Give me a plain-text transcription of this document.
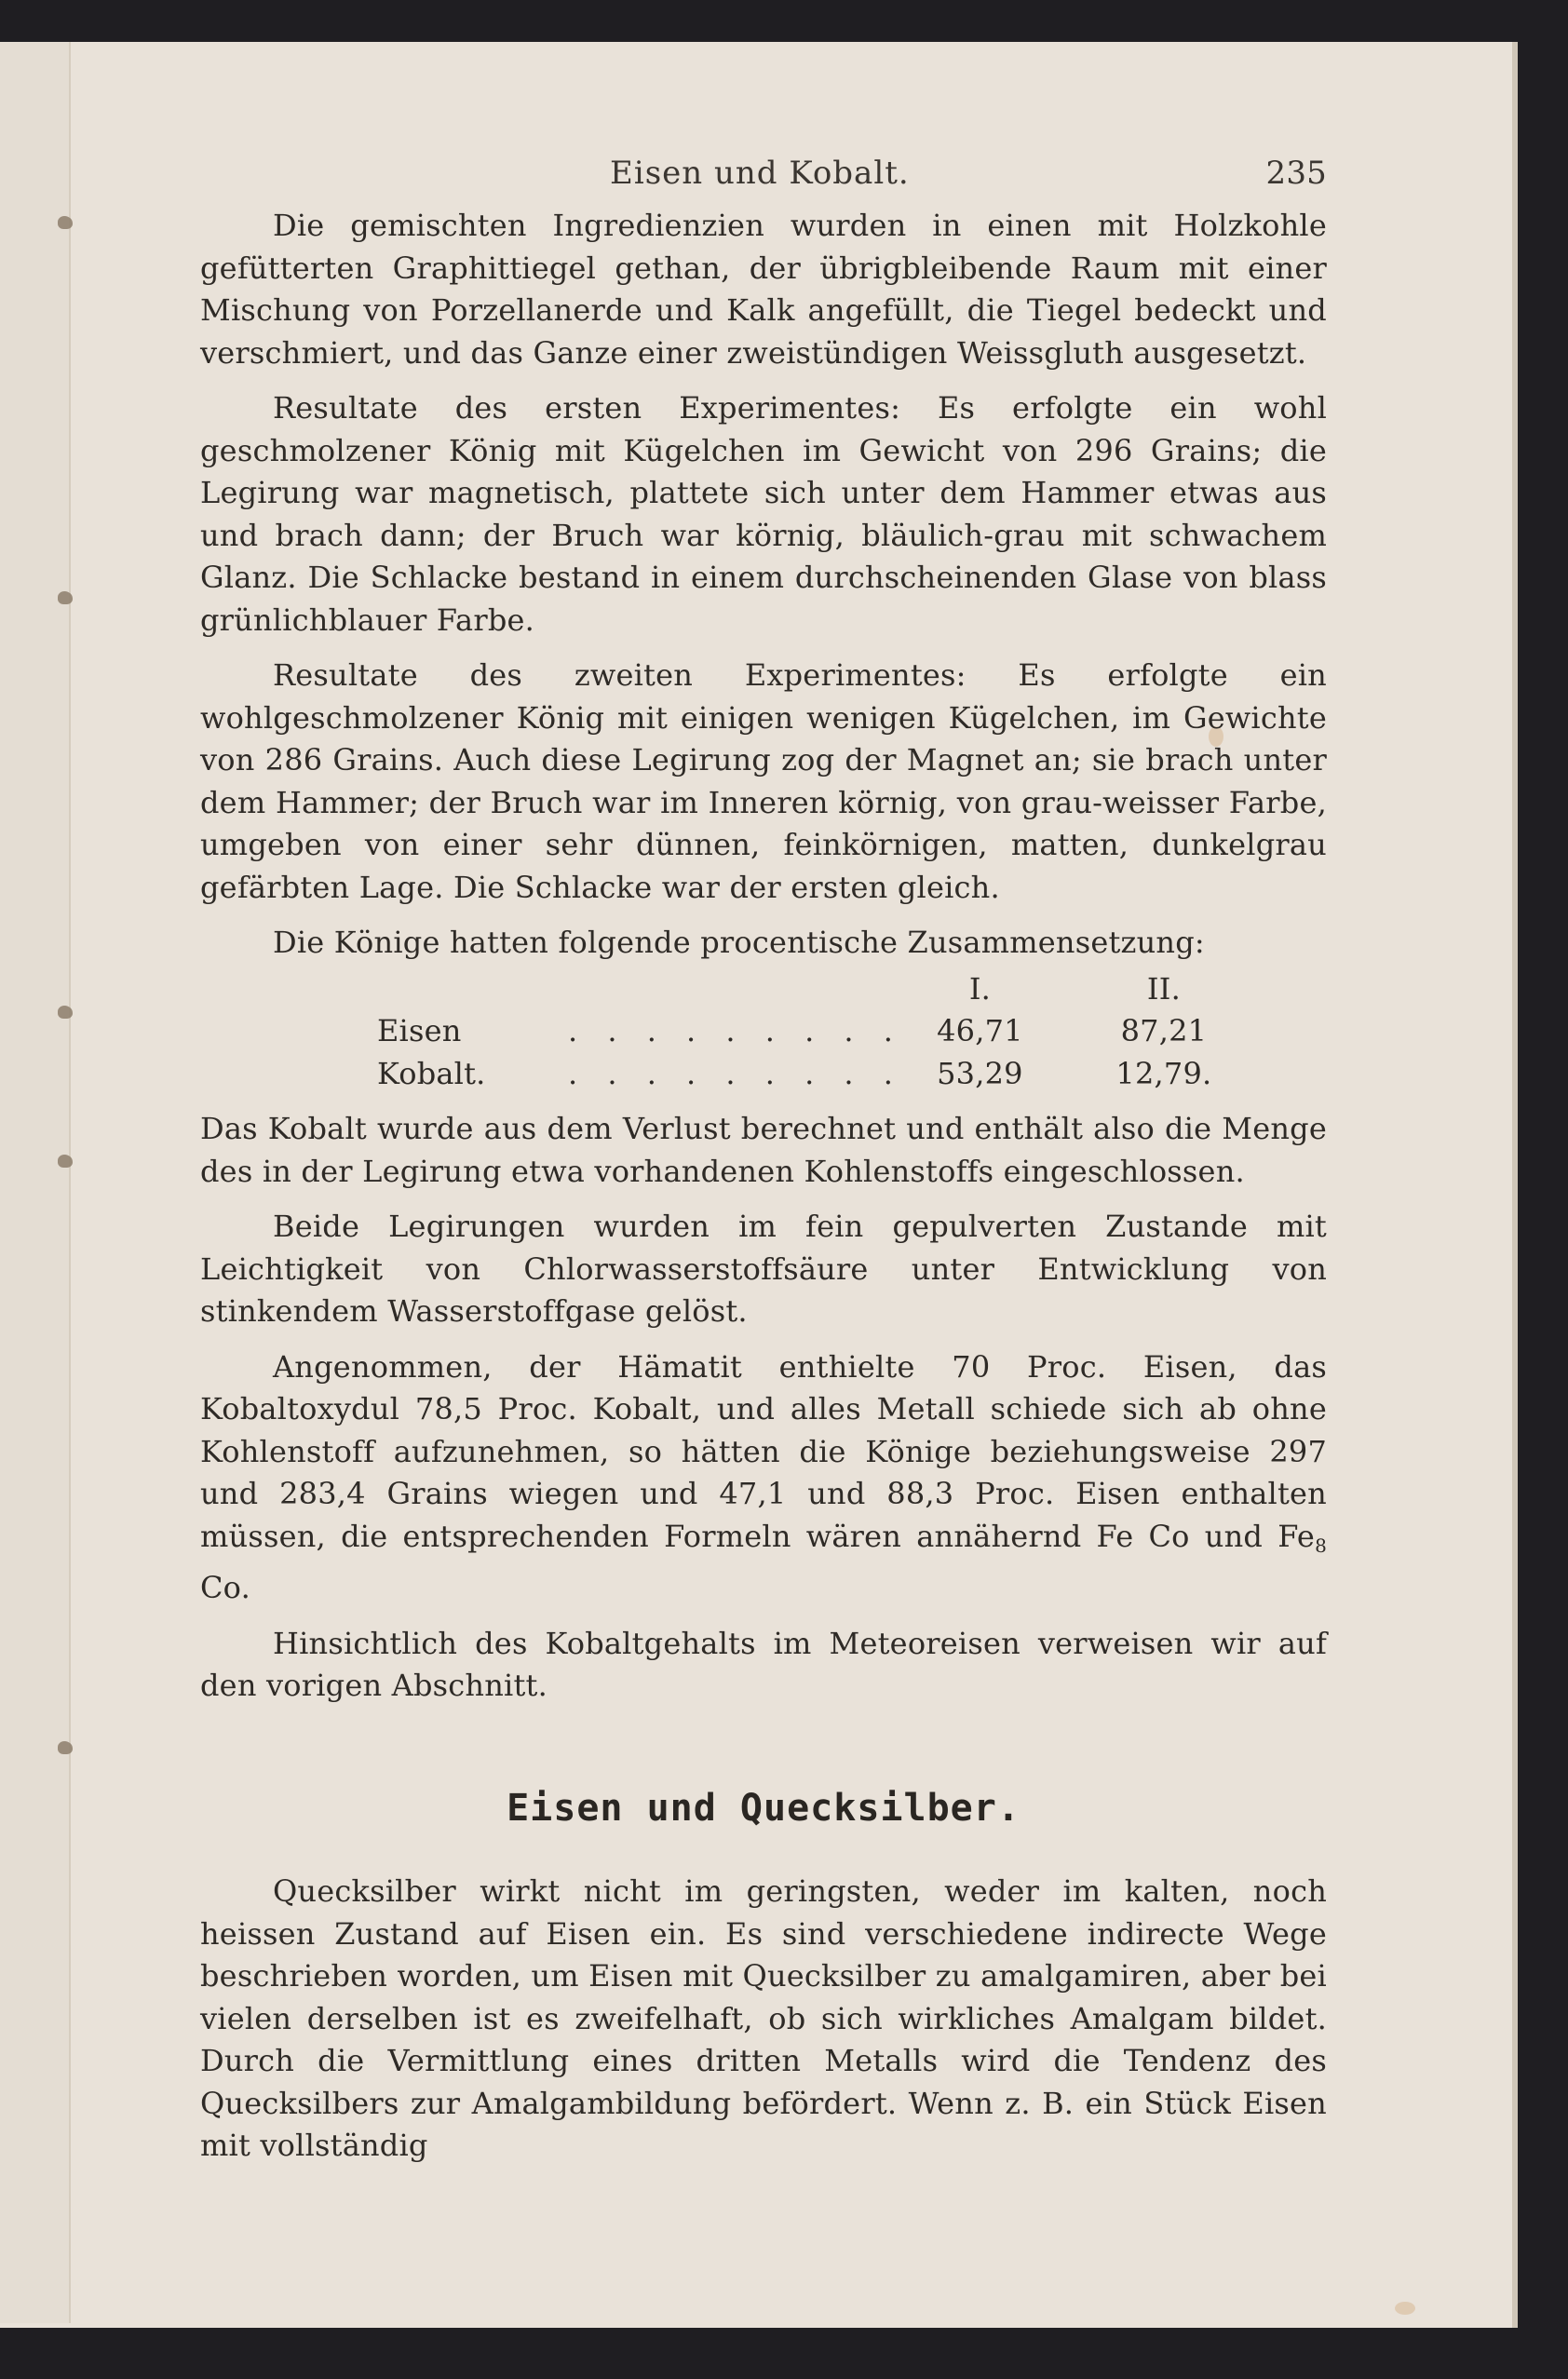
Eisen und Kobalt.	235

Die gemischten Ingredienzien wurden in einen mit Holzkohle gefütterten Graphittiegel gethan, der übrigbleibende Raum mit einer Mischung von Porzellanerde und Kalk angefüllt, die Tiegel bedeckt und verschmiert, und das Ganze einer zweistündigen Weissgluth ausgesetzt.

Resultate des ersten Experimentes: Es erfolgte ein wohl geschmolzener König mit Kügelchen im Gewicht von 296 Grains; die Legirung war magnetisch, plattete sich unter dem Hammer etwas aus und brach dann; der Bruch war körnig, bläulich-grau mit schwachem Glanz. Die Schlacke bestand in einem durchscheinenden Glase von blass grünlichblauer Farbe.

Resultate des zweiten Experimentes: Es erfolgte ein wohlgeschmolzener König mit einigen wenigen Kügelchen, im Gewichte von 286 Grains. Auch diese Legirung zog der Magnet an; sie brach unter dem Hammer; der Bruch war im Inneren körnig, von grau-weisser Farbe, umgeben von einer sehr dünnen, feinkörnigen, matten, dunkelgrau gefärbten Lage. Die Schlacke war der ersten gleich.

Die Könige hatten folgende procentische Zusammensetzung:

		I.	II.
Eisen	. . . . . . . . .	46,71	87,21
Kobalt.	. . . . . . . . .	53,29	12,79.

Das Kobalt wurde aus dem Verlust berechnet und enthält also die Menge des in der Legirung etwa vorhandenen Kohlenstoffs eingeschlossen.

Beide Legirungen wurden im fein gepulverten Zustande mit Leichtigkeit von Chlorwasserstoffsäure unter Entwicklung von stinkendem Wasserstoffgase gelöst.

Angenommen, der Hämatit enthielte 70 Proc. Eisen, das Kobaltoxydul 78,5 Proc. Kobalt, und alles Metall schiede sich ab ohne Kohlenstoff aufzunehmen, so hätten die Könige beziehungsweise 297 und 283,4 Grains wiegen und 47,1 und 88,3 Proc. Eisen enthalten müssen, die entsprechenden Formeln wären annähernd Fe Co und $Fe_8$ Co.

Hinsichtlich des Kobaltgehalts im Meteoreisen verweisen wir auf den vorigen Abschnitt.

Eisen und Quecksilber.

Quecksilber wirkt nicht im geringsten, weder im kalten, noch heissen Zustand auf Eisen ein. Es sind verschiedene indirecte Wege beschrieben worden, um Eisen mit Quecksilber zu amalgamiren, aber bei vielen derselben ist es zweifelhaft, ob sich wirkliches Amalgam bildet. Durch die Vermittlung eines dritten Metalls wird die Tendenz des Quecksilbers zur Amalgambildung befördert. Wenn z. B. ein Stück Eisen mit vollständig
